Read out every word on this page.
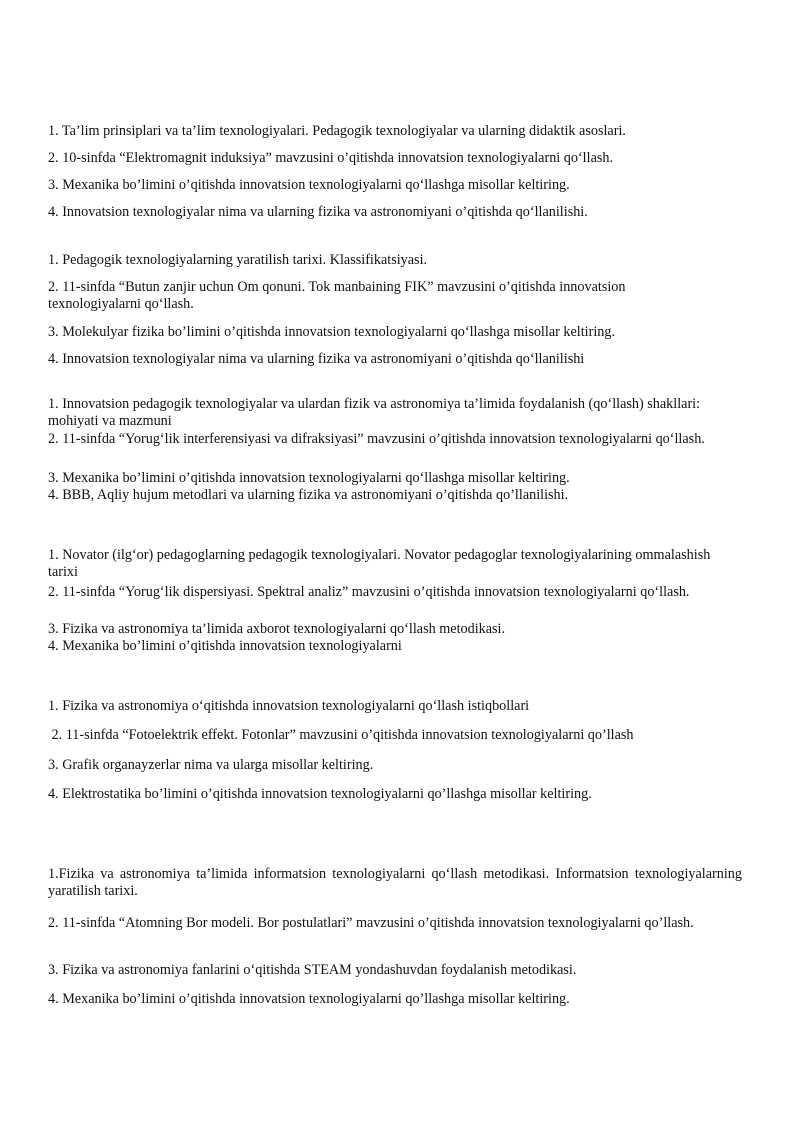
1. Ta’lim prinsiplari va ta’lim texnologiyalari. Pedagogik texnologiyalar va ularning didaktik asoslari.

2. 10-sinfda “Elektromagnit induksiya” mavzusini o’qitishda innovatsion texnologiyalarni qo‘llash.

3. Mexanika bo’limini o’qitishda innovatsion texnologiyalarni qo‘llashga misollar keltiring.

4. Innovatsion texnologiyalar nima va ularning fizika va astronomiyani o’qitishda qo‘llanilishi.

1. Pedagogik texnologiyalarning yaratilish tarixi. Klassifikatsiyasi.

2. 11-sinfda “Butun zanjir uchun Om qonuni. Tok manbaining FIK” mavzusini o’qitishda innovatsion texnologiyalarni qo‘llash.

3. Molekulyar fizika bo’limini o’qitishda innovatsion texnologiyalarni qo‘llashga misollar keltiring.

4. Innovatsion texnologiyalar nima va ularning fizika va astronomiyani o’qitishda qo‘llanilishi

1. Innovatsion pedagogik texnologiyalar va ulardan fizik va astronomiya ta’limida foydalanish (qo‘llash) shakllari: mohiyati va mazmuni

2. 11-sinfda “Yorug‘lik interferensiyasi va difraksiyasi” mavzusini o’qitishda innovatsion texnologiyalarni qo‘llash.

3. Mexanika bo’limini o’qitishda innovatsion texnologiyalarni qo‘llashga misollar keltiring.

4. BBB, Aqliy hujum metodlari va ularning fizika va astronomiyani o’qitishda qo’llanilishi.

1. Novator (ilg‘or) pedagoglarning pedagogik texnologiyalari. Novator pedagoglar texnologiyalarining ommalashish tarixi

2. 11-sinfda “Yorug‘lik dispersiyasi. Spektral analiz” mavzusini o’qitishda innovatsion texnologiyalarni qo‘llash.

3. Fizika va astronomiya ta’limida axborot texnologiyalarni qo‘llash metodikasi.

4. Mexanika bo’limini o’qitishda innovatsion texnologiyalarni

1. Fizika va astronomiya o‘qitishda innovatsion texnologiyalarni qo‘llash istiqbollari

2. 11-sinfda “Fotoelektrik effekt. Fotonlar” mavzusini o’qitishda innovatsion texnologiyalarni qo’llash

3. Grafik organayzerlar nima va ularga misollar keltiring.

4. Elektrostatika bo’limini o’qitishda innovatsion texnologiyalarni qo’llashga misollar keltiring.

1.Fizika va astronomiya ta’limida informatsion texnologiyalarni qo‘llash metodikasi. Informatsion texnologiyalarning yaratilish tarixi.

2. 11-sinfda “Atomning Bor modeli. Bor postulatlari” mavzusini o’qitishda innovatsion texnologiyalarni qo’llash.

3. Fizika va astronomiya fanlarini o‘qitishda STEAM yondashuvdan foydalanish metodikasi.

4. Mexanika bo’limini o’qitishda innovatsion texnologiyalarni qo’llashga misollar keltiring.
